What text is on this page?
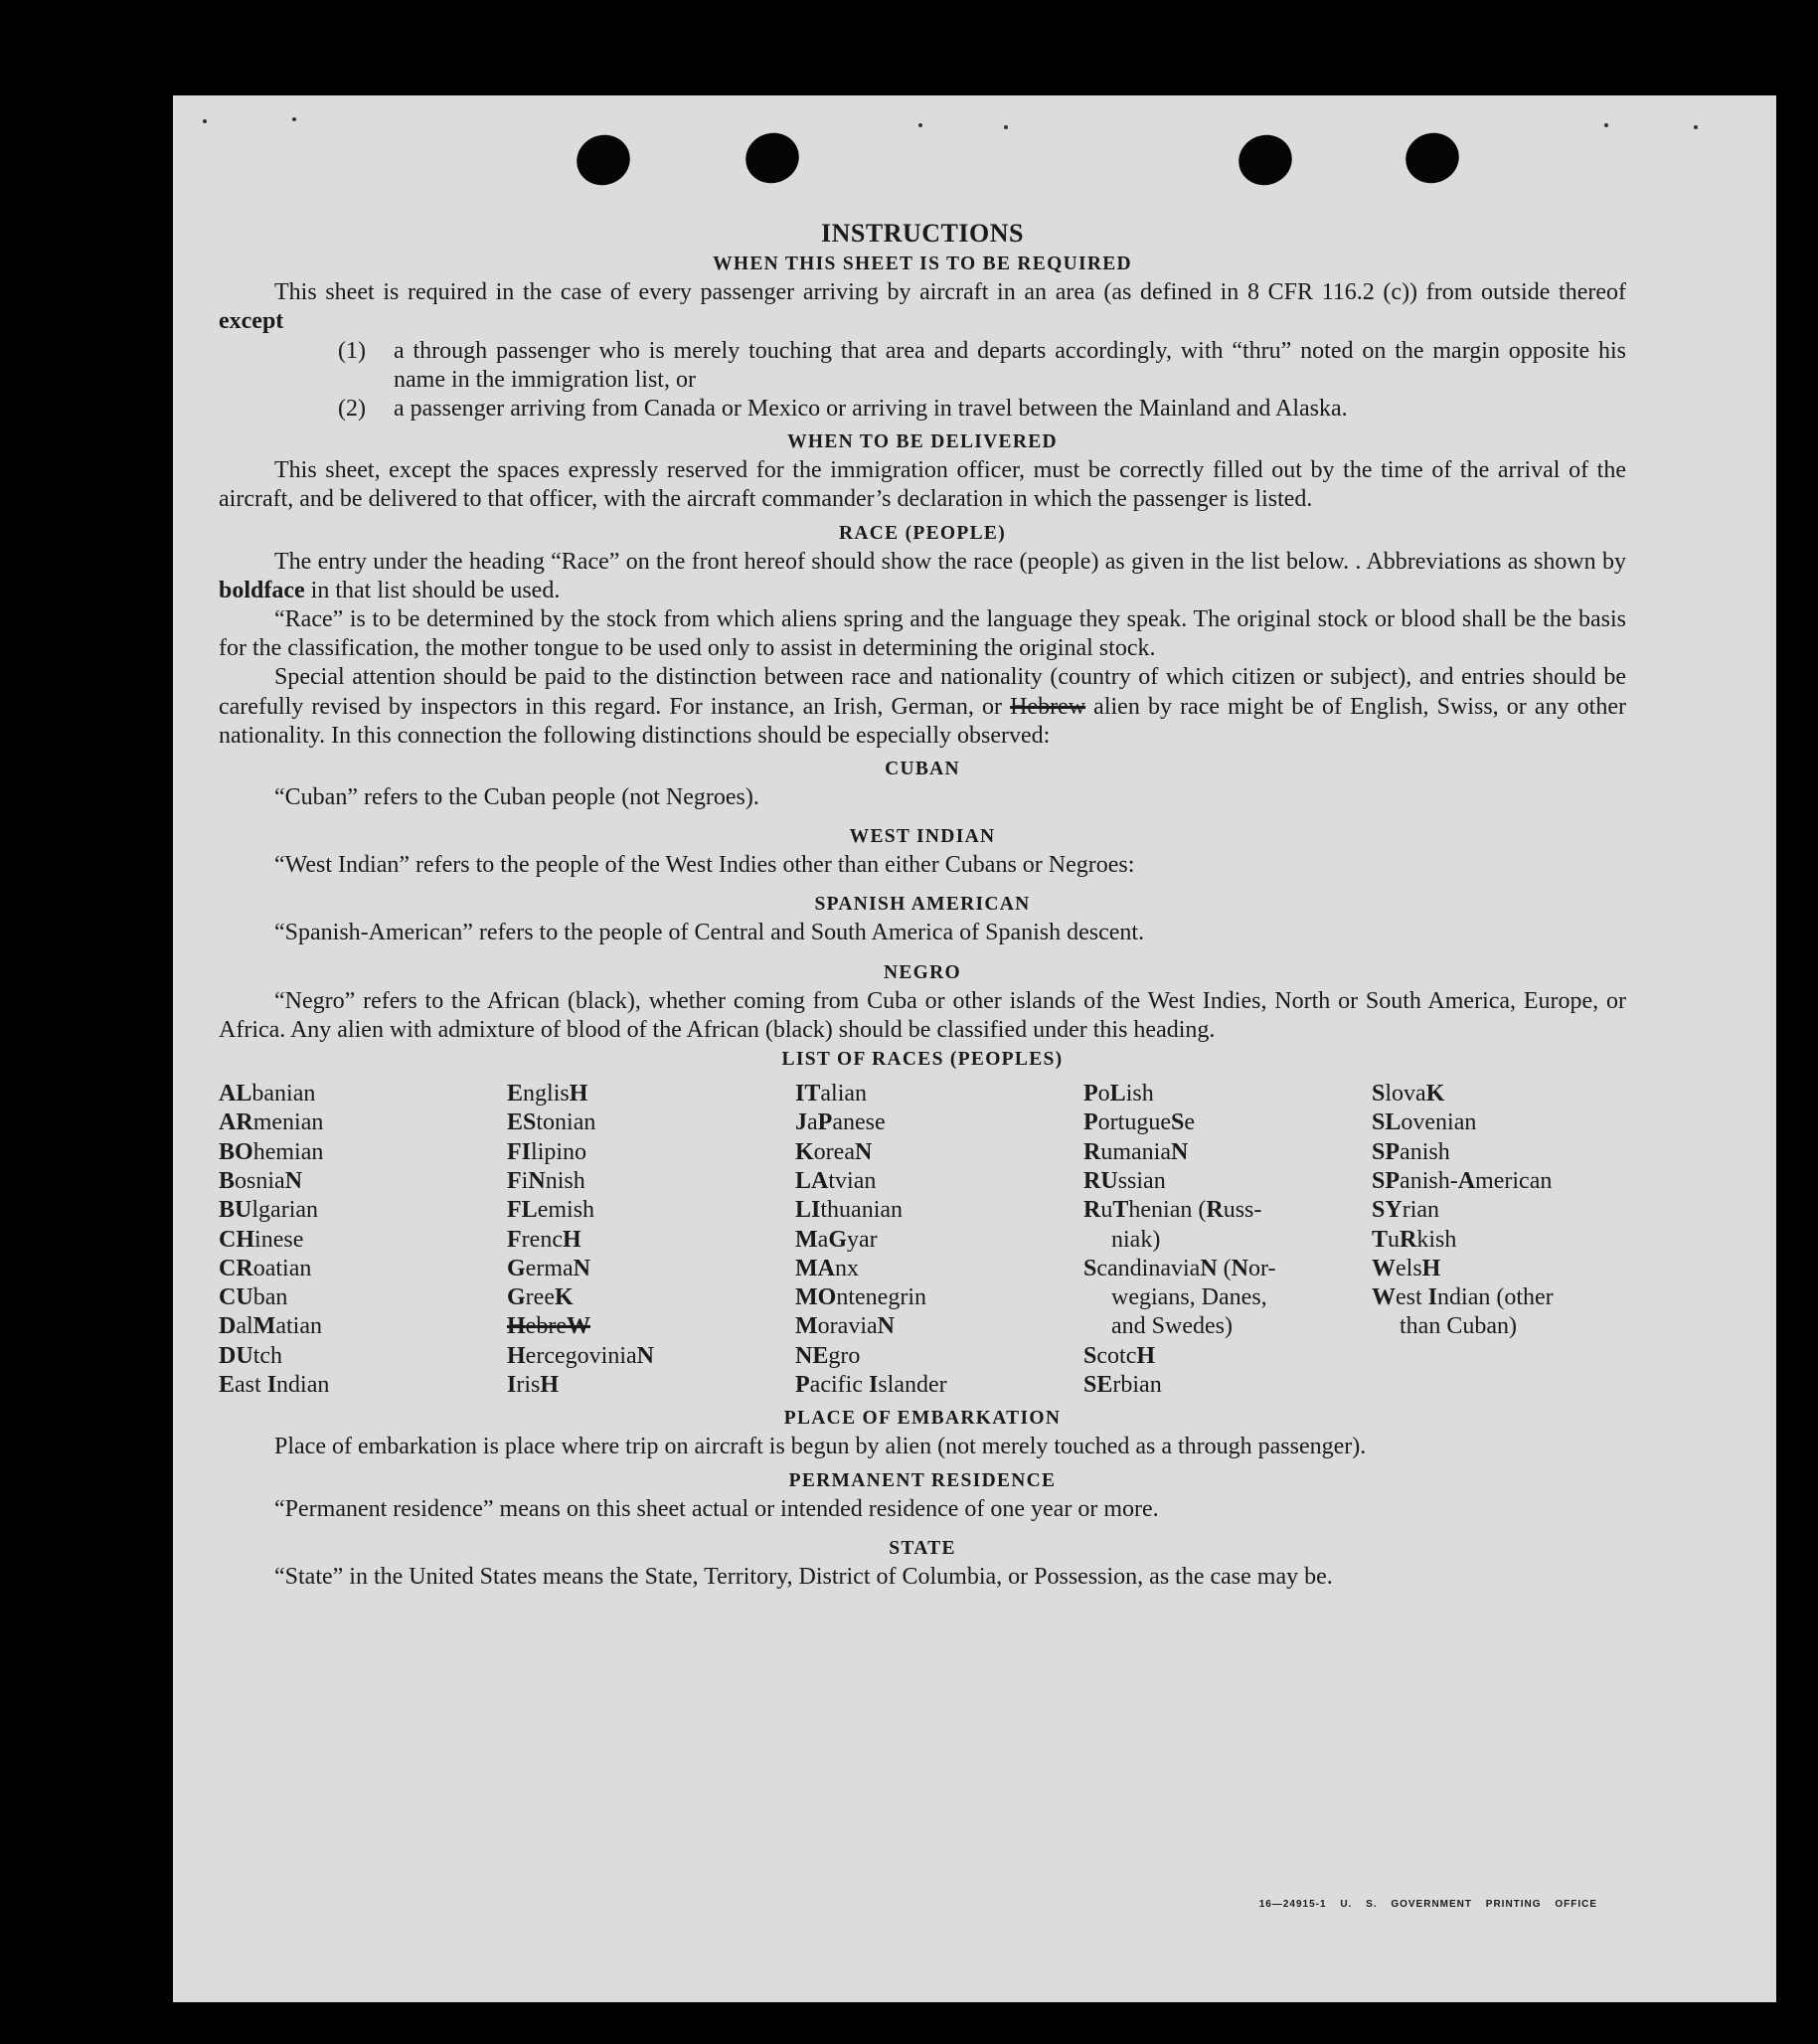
INSTRUCTIONS
WHEN THIS SHEET IS TO BE REQUIRED

This sheet is required in the case of every passenger arriving by aircraft in an area (as defined in 8 CFR 116.2 (c)) from outside thereof except

(1)	a through passenger who is merely touching that area and departs accordingly, with “thru” noted on the margin opposite his name in the immigration list, or
(2)	a passenger arriving from Canada or Mexico or arriving in travel between the Mainland and Alaska.
WHEN TO BE DELIVERED

This sheet, except the spaces expressly reserved for the immigration officer, must be correctly filled out by the time of the arrival of the aircraft, and be delivered to that officer, with the aircraft commander’s declaration in which the passenger is listed.

RACE (PEOPLE)

The entry under the heading “Race” on the front hereof should show the race (people) as given in the list below. . Abbreviations as shown by boldface in that list should be used.

“Race” is to be determined by the stock from which aliens spring and the language they speak. The original stock or blood shall be the basis for the classification, the mother tongue to be used only to assist in determining the original stock.

Special attention should be paid to the distinction between race and nationality (country of which citizen or subject), and entries should be carefully revised by inspectors in this regard. For instance, an Irish, German, or Hebrew alien by race might be of English, Swiss, or any other nationality. In this connection the following distinctions should be especially observed:

CUBAN

“Cuban” refers to the Cuban people (not Negroes).

WEST INDIAN

“West Indian” refers to the people of the West Indies other than either Cubans or Negroes:

SPANISH AMERICAN

“Spanish-American” refers to the people of Central and South America of Spanish descent.

NEGRO

“Negro” refers to the African (black), whether coming from Cuba or other islands of the West Indies, North or South America, Europe, or Africa. Any alien with admixture of blood of the African (black) should be classified under this heading.

LIST OF RACES (PEOPLES)
ALbanian
ARmenian
BOhemian
BosniaN
BUlgarian
CHinese
CRoatian
CUban
DalMatian
DUtch
East Indian
EnglisH
EStonian
FIlipino
FiNnish
FLemish
FrencH
GermaN
GreeK
HebreW
HercegoviniaN
IrisH
ITalian
JaPanese
KoreaN
LAtvian
LIthuanian
MaGyar
MAnx
MOntenegrin
MoraviaN
NEgro
Pacific Islander
PoLish
PortugueSe
RumaniaN
RUssian
RuThenian (Russ-
niak)
ScandinaviaN (Nor-
wegians, Danes,
and Swedes)
ScotcH
SErbian
SlovaK
SLovenian
SPanish
SPanish-American
SYrian
TuRkish
WelsH
West Indian (other
than Cuban)
PLACE OF EMBARKATION

Place of embarkation is place where trip on aircraft is begun by alien (not merely touched as a through passenger).

PERMANENT RESIDENCE

“Permanent residence” means on this sheet actual or intended residence of one year or more.

STATE

“State” in the United States means the State, Territory, District of Columbia, or Possession, as the case may be.

16—24915-1 U. S. GOVERNMENT PRINTING OFFICE
